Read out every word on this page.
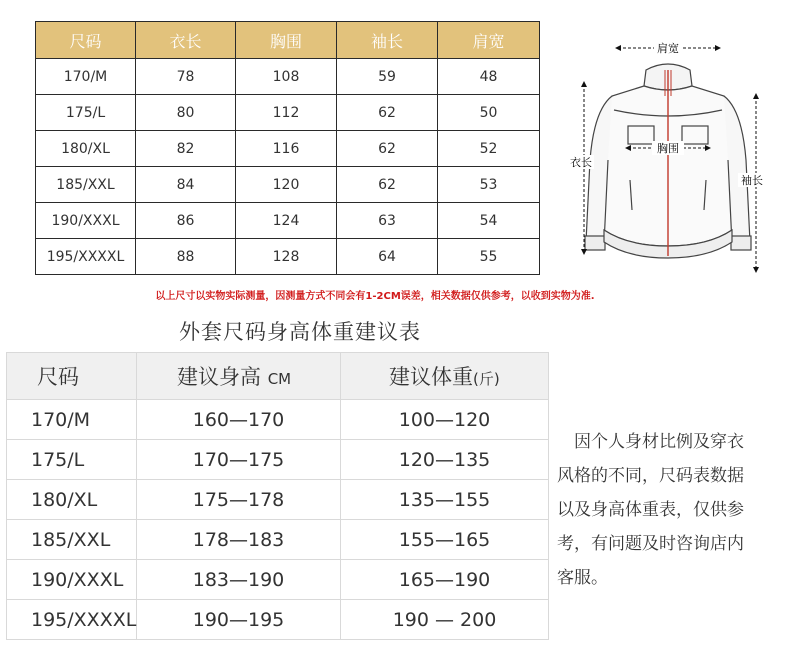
尺码	衣长	胸围	袖长	肩宽
170/M	78	108	59	48
175/L	80	112	62	50
180/XL	82	116	62	52
185/XXL	84	120	62	53
190/XXXL	86	124	63	54
195/XXXXL	88	128	64	55
肩宽
胸围
衣长
袖长
以上尺寸以实物实际测量，因测量方式不同会有1-2CM误差，相关数据仅供参考，以收到实物为准.
外套尺码身高体重建议表
尺码	建议身高 CM	建议体重(斤)
170/M	160—170	100—120
175/L	170—175	120—135
180/XL	175—178	135—155
185/XXL	178—183	155—165
190/XXXL	183—190	165—190
195/XXXXL	190—195	190 — 200
因个人身材比例及穿衣
风格的不同，尺码表数据
以及身高体重表，仅供参
考，有问题及时咨询店内
客服。
